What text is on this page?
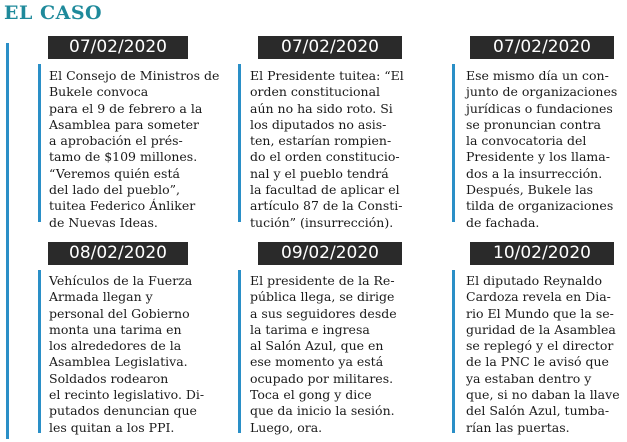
EL CASO
07/02/2020
El Consejo de Ministros de
Bukele convoca
para el 9 de febrero a la
Asamblea para someter
a aprobación el prés-
tamo de $109 millones.
“Veremos quién está
del lado del pueblo”,
tuitea Federico Ánliker
de Nuevas Ideas.
07/02/2020
El Presidente tuitea: “El
orden constitucional
aún no ha sido roto. Si
los diputados no asis-
ten, estarían rompien-
do el orden constitucio-
nal y el pueblo tendrá
la facultad de aplicar el
artículo 87 de la Consti-
tución” (insurrección).
07/02/2020
Ese mismo día un con-
junto de organizaciones
jurídicas o fundaciones
se pronuncian contra
la convocatoria del
Presidente y los llama-
dos a la insurrección.
Después, Bukele las
tilda de organizaciones
de fachada.
08/02/2020
Vehículos de la Fuerza
Armada llegan y
personal del Gobierno
monta una tarima en
los alrededores de la
Asamblea Legislativa.
Soldados rodearon
el recinto legislativo. Di-
putados denuncian que
les quitan a los PPI.
09/02/2020
El presidente de la Re-
pública llega, se dirige
a sus seguidores desde
la tarima e ingresa
al Salón Azul, que en
ese momento ya está
ocupado por militares.
Toca el gong y dice
que da inicio la sesión.
Luego, ora.
10/02/2020
El diputado Reynaldo
Cardoza revela en Dia-
rio El Mundo que la se-
guridad de la Asamblea
se replegó y el director
de la PNC le avisó que
ya estaban dentro y
que, si no daban la llave
del Salón Azul, tumba-
rían las puertas.
